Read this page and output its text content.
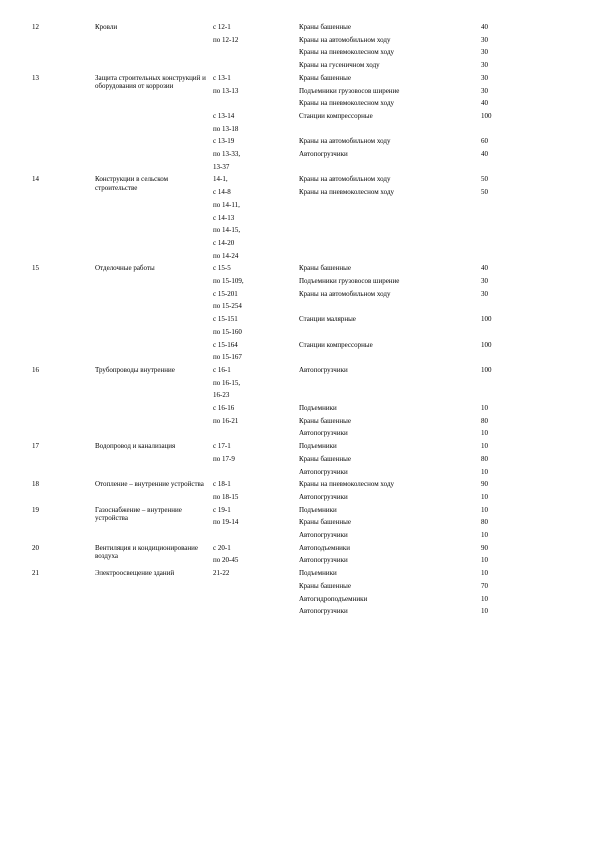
12	Кровли	с 12-1	Краны башенные	40
по 12-12	Краны на автомобильном ходу	30
Краны на пневмоколесном ходу	30
Краны на гусеничном ходу	30
13	Защита строительных конструкций и оборудования от коррозии
с 13-1	Краны башенные	30
по 13-13	Подъемники грузовосов ширение	30
Краны на пневмоколесном ходу	40
с 13-14	Станции компрессорные	100
по 13-18
с 13-19	Краны на автомобильном ходу	60
по 13-33,	Автопогрузчики	40
13-37
14	Конструкции в сельском строительстве
14-1,	Краны на автомобильном ходу	50
с 14-8	Краны на пневмоколесном ходу	50
по 14-11,
с 14-13
по 14-15,
с 14-20
по 14-24
15	Отделочные работы	с 15-5	Краны башенные	40
по 15-109,	Подъемники грузовосов ширение	30
с 15-201	Краны на автомобильном ходу	30
по 15-254
с 15-151	Станции малярные	100
по 15-160
с 15-164	Станции компрессорные	100
по 15-167
16	Трубопроводы внутренние	с 16-1	Автопогрузчики	100
по 16-15,
16-23
с 16-16	Подъемники	10
по 16-21	Краны башенные	80
Автопогрузчики	10
17	Водопровод и канализация	с 17-1	Подъемники	10
по 17-9	Краны башенные	80
Автопогрузчики	10
18	Отопление – внутренние устройства	с 18-1	Краны на пневмоколесном ходу	90
по 18-15	Автопогрузчики	10
19	Газоснабжение – внутренние устройства
с 19-1	Подъемники	10
по 19-14	Краны башенные	80
Автопогрузчики	10
20	Вентиляция и кондиционирование воздуха
с 20-1	Автоподъемники	90
по 20-45	Автопогрузчики	10
21	Электроосвещение зданий	21-22	Подъемники	10
Краны башенные	70
Автогидроподъемники	10
Автопогрузчики	10
